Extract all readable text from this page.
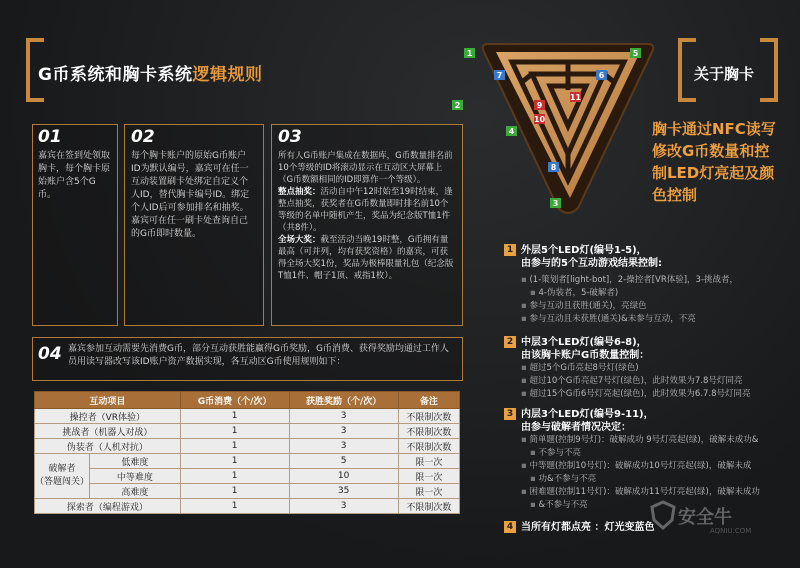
G币系统和胸卡系统逻辑规则	关于胸卡
1
2
3
4
5
6
7
8
9
10
11
胸卡通过NFC读写修改G币数量和控制LED灯亮起及颜色控制
01
嘉宾在签到处领取胸卡，每个胸卡原始账户含5个G币。
02
每个胸卡账户的原始G币账户ID为默认编号，嘉宾可在任一互动装置刷卡处绑定自定义个人ID，替代胸卡编号ID。绑定个人ID后可参加排名和抽奖。嘉宾可在任一刷卡处查询自己的G币即时数量。
03
所有人G币账户集成在数据库，G币数量排名前10个等级的ID将滚动显示在互动区大屏幕上（G币数额相同的ID即算作一个等级）。
整点抽奖：活动自中午12时始至19时结束，逢整点抽奖，获奖者在G币数量即时排名前10个等级的名单中随机产生，奖品为纪念版T恤1件（共8件）。
全场大奖：截至活动当晚19时整，G币拥有量最高（可并列，均有获奖资格）的嘉宾，可获得全场大奖1份，奖品为极棒限量礼包（纪念版T恤1件、帽子1顶、戒指1枚）。
04 嘉宾参加互动需要先消费G币，部分互动获胜能赢得G币奖励，G币消费、获得奖励均通过工作人员用读写器改写该ID账户资产数据实现，各互动区G币使用规则如下：
互动项目		G币消费（个/次）	获胜奖励（个/次）	备注
操控者（VR体验）		1	3	不限制次数
挑战者（机器人对战）		1	3	不限制次数
伪装者（人机对抗）		1	3	不限制次数
破解者
（答题闯关）	低难度	1	5	限一次
	中等难度	1	10	限一次
	高难度	1	35	限一次
探索者（编程游戏）		1	3	不限制次数
1 外层5个LED灯(编号1-5)，
由参与的5个互动游戏结果控制:
▪ (1-策划者[light-bot]，2-操控者[VR体验]，3-挑战者，
▪ 4-伪装者，5-破解者)
▪ 参与互动且获胜(通关)，亮绿色
▪ 参与互动且未获胜(通关)&未参与互动，不亮
2 中层3个LED灯(编号6-8)，
由该胸卡账户G币数量控制：
▪ 超过5个G币亮起8号灯(绿色)
▪ 超过10个G币亮起7号灯(绿色)，此时效果为7.8号灯同亮
▪ 超过15个G币6号灯亮起(绿色)，此时效果为6.7.8号灯同亮
3 内层3个LED灯(编号9-11)，
由参与破解者情况决定：
▪ 简单题(控制9号灯)：破解成功 9号灯亮起(绿)，破解未成功&
▪ 不参与不亮
▪ 中等题(控制10号灯)：破解成功10号灯亮起(绿)，破解未成
▪ 功&不参与不亮
▪ 困难题(控制11号灯)：破解成功11号灯亮起(绿)，破解未成功
▪ &不参与不亮
4 当所有灯都点亮 ：灯光变蓝色 安全牛
AQNIU.COM
